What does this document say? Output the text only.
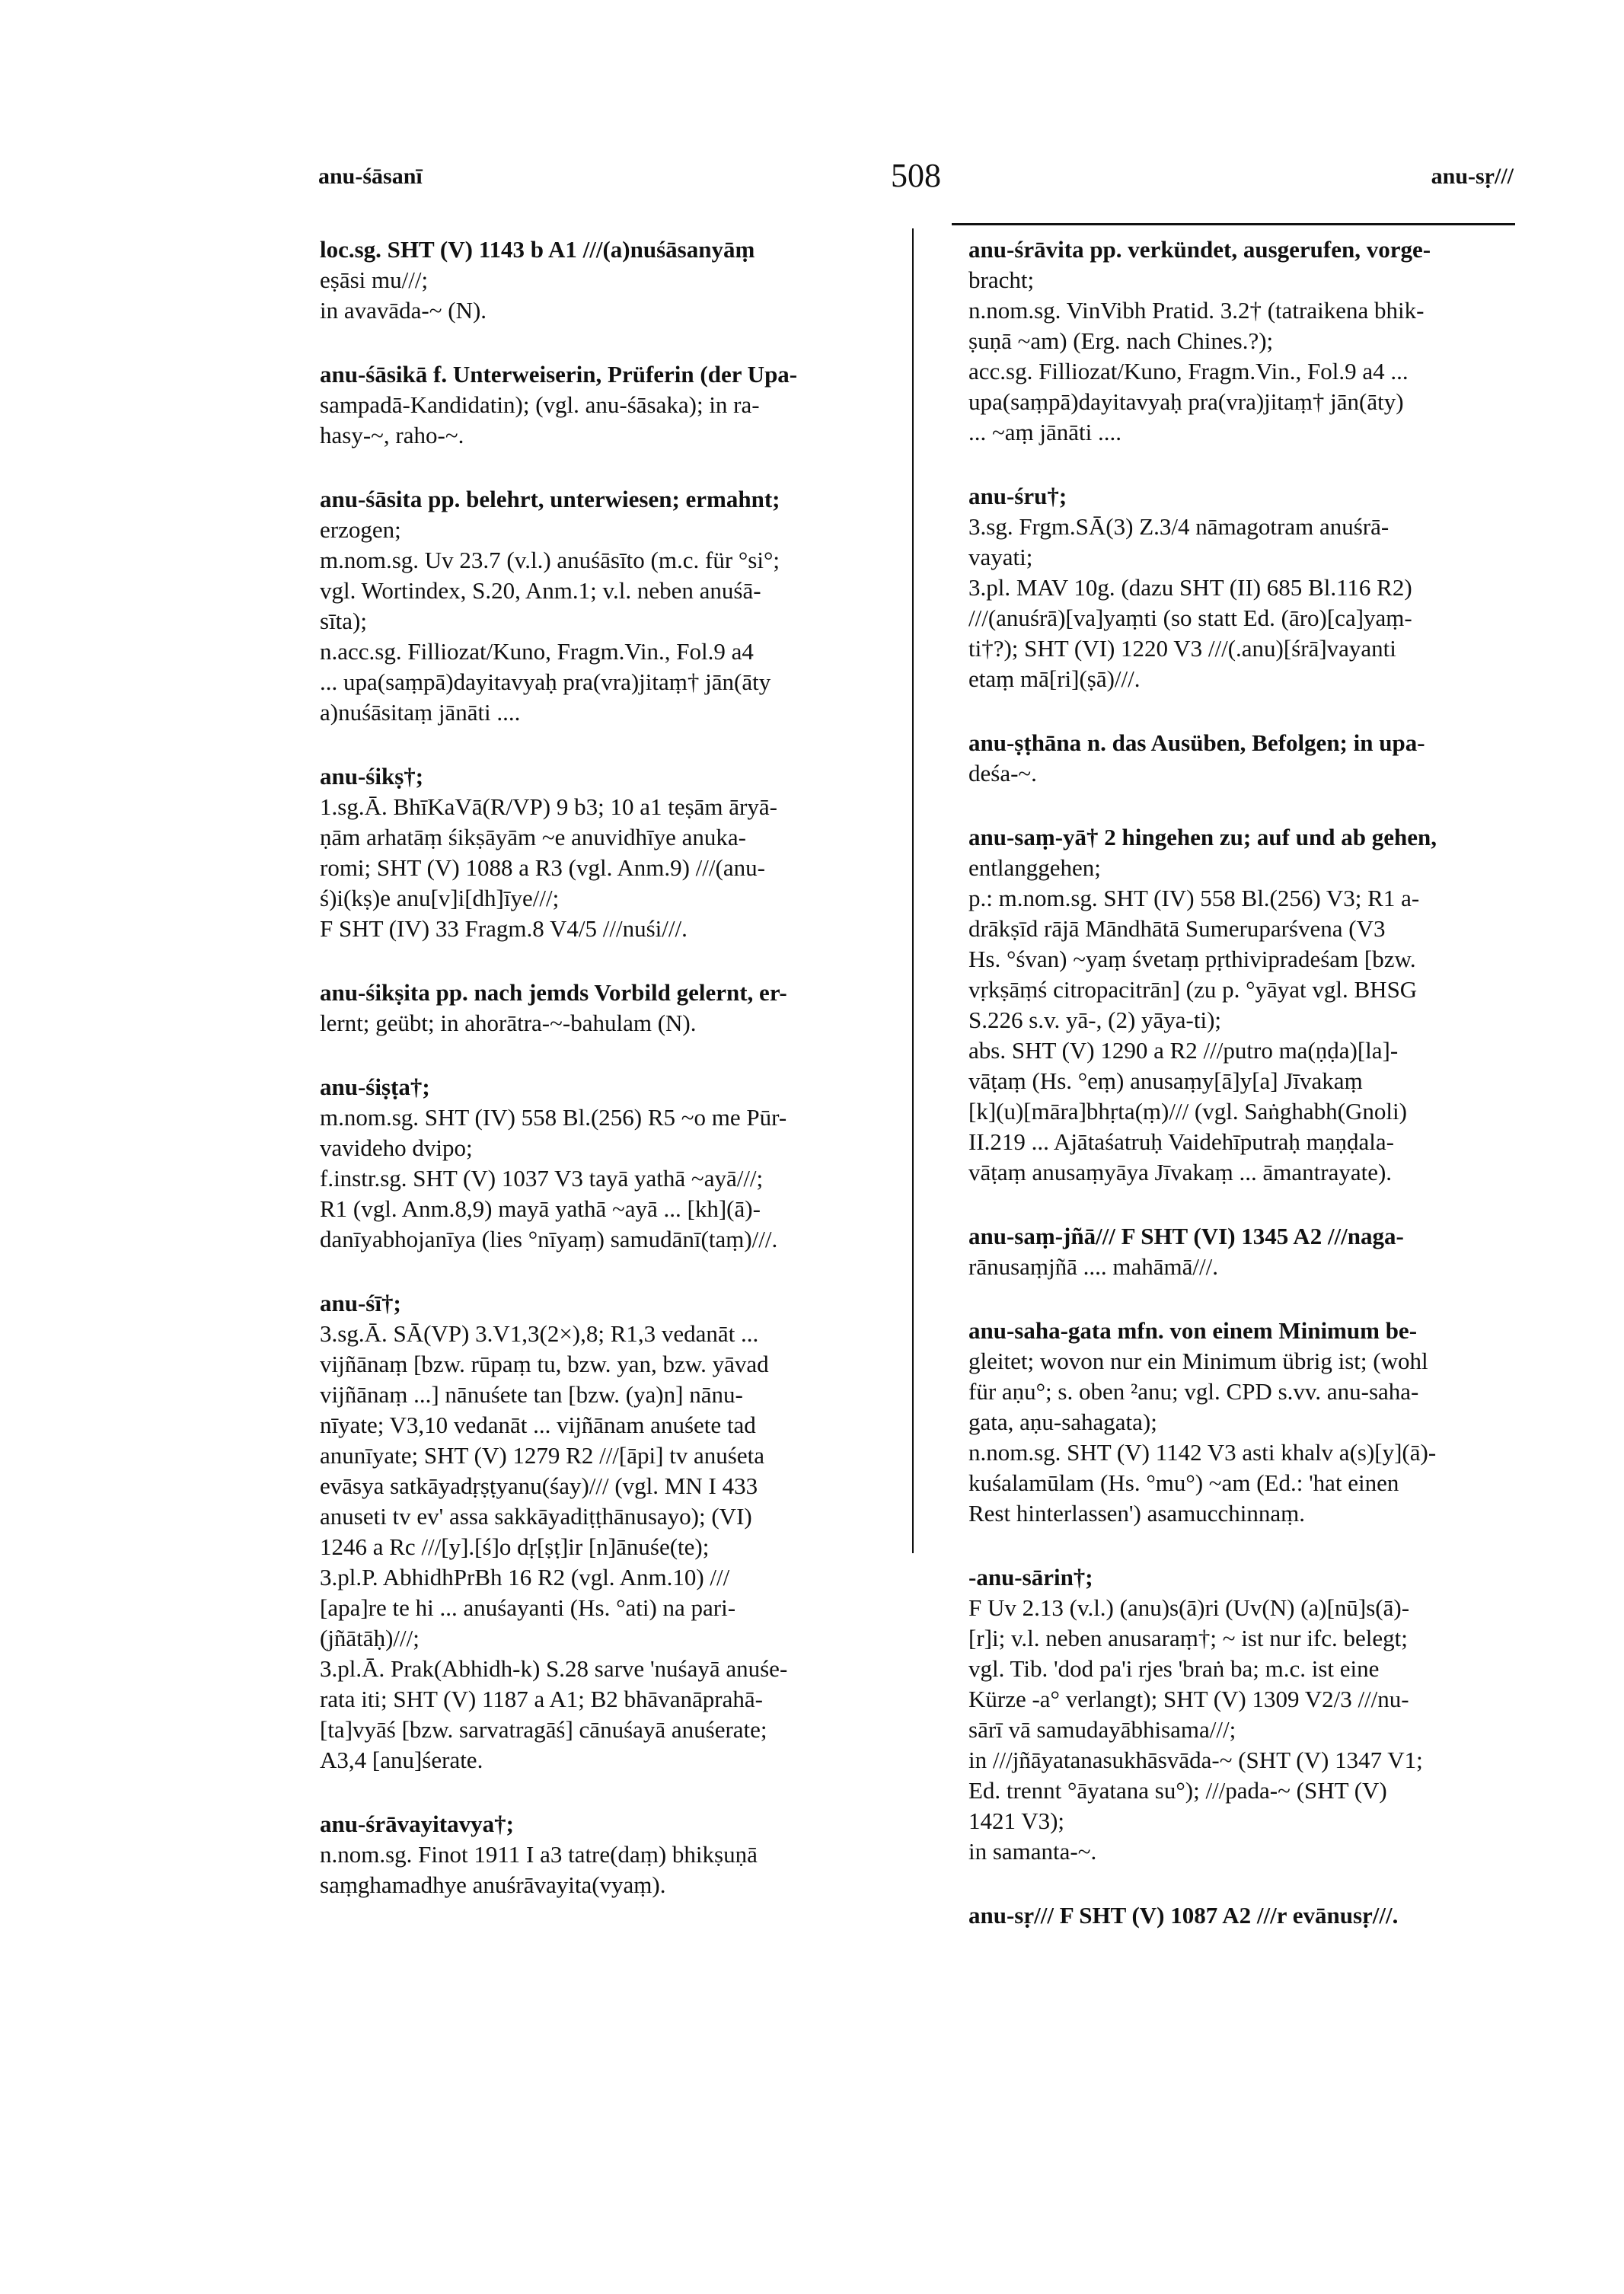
anu-śāsanī	508	anu-sṛ///
loc.sg. SHT (V) 1143 b A1 ///(a)nuśāsanyāṃ
eṣāsi mu///;
in avavāda-~ (N).
anu-śāsikā f. Unterweiserin, Prüferin (der Upa-
sampadā-Kandidatin); (vgl. anu-śāsaka); in ra-
hasy-~, raho-~.
anu-śāsita pp. belehrt, unterwiesen; ermahnt;
erzogen;
m.nom.sg. Uv 23.7 (v.l.) anuśāsīto (m.c. für °si°;
vgl. Wortindex, S.20, Anm.1; v.l. neben anuśā-
sīta);
n.acc.sg. Filliozat/Kuno, Fragm.Vin., Fol.9 a4
... upa(saṃpā)dayitavyaḥ pra(vra)jitaṃ† jān(āty
a)nuśāsitaṃ jānāti ....
anu-śikṣ†;
1.sg.Ā. BhīKaVā(R/VP) 9 b3; 10 a1 teṣām āryā-
ṇām arhatāṃ śikṣāyām ~e anuvidhīye anuka-
romi; SHT (V) 1088 a R3 (vgl. Anm.9) ///(anu-
ś)i(kṣ)e anu[v]i[dh]īye///;
F SHT (IV) 33 Fragm.8 V4/5 ///nuśi///.
anu-śikṣita pp. nach jemds Vorbild gelernt, er-
lernt; geübt; in ahorātra-~-bahulam (N).
anu-śiṣṭa†;
m.nom.sg. SHT (IV) 558 Bl.(256) R5 ~o me Pūr-
vavideho dvipo;
f.instr.sg. SHT (V) 1037 V3 tayā yathā ~ayā///;
R1 (vgl. Anm.8,9) mayā yathā ~ayā ... [kh](ā)-
danīyabhojanīya (lies °nīyaṃ) samudānī(taṃ)///.
anu-śī†;
3.sg.Ā. SĀ(VP) 3.V1,3(2×),8; R1,3 vedanāt ...
vijñānaṃ [bzw. rūpaṃ tu, bzw. yan, bzw. yāvad
vijñānaṃ ...] nānuśete tan [bzw. (ya)n] nānu-
nīyate; V3,10 vedanāt ... vijñānam anuśete tad
anunīyate; SHT (V) 1279 R2 ///[āpi] tv anuśeta
evāsya satkāyadṛṣṭyanu(śay)/// (vgl. MN I 433
anuseti tv ev' assa sakkāyadiṭṭhānusayo); (VI)
1246 a Rc ///[y].[ś]o dṛ[ṣṭ]ir [n]ānuśe(te);
3.pl.P. AbhidhPrBh 16 R2 (vgl. Anm.10) ///
[apa]re te hi ... anuśayanti (Hs. °ati) na pari-
(jñātāḥ)///;
3.pl.Ā. Prak(Abhidh-k) S.28 sarve 'nuśayā anuśe-
rata iti; SHT (V) 1187 a A1; B2 bhāvanāprahā-
[ta]vyāś [bzw. sarvatragāś] cānuśayā anuśerate;
A3,4 [anu]śerate.
anu-śrāvayitavya†;
n.nom.sg. Finot 1911 I a3 tatre(daṃ) bhikṣuṇā
saṃghamadhye anuśrāvayita(vyaṃ).
anu-śrāvita pp. verkündet, ausgerufen, vorge-
bracht;
n.nom.sg. VinVibh Pratid. 3.2† (tatraikena bhik-
ṣuṇā ~am) (Erg. nach Chines.?);
acc.sg. Filliozat/Kuno, Fragm.Vin., Fol.9 a4 ...
upa(saṃpā)dayitavyaḥ pra(vra)jitaṃ† jān(āty)
... ~aṃ jānāti ....
anu-śru†;
3.sg. Frgm.SĀ(3) Z.3/4 nāmagotram anuśrā-
vayati;
3.pl. MAV 10g. (dazu SHT (II) 685 Bl.116 R2)
///(anuśrā)[va]yaṃti (so statt Ed. (āro)[ca]yaṃ-
ti†?); SHT (VI) 1220 V3 ///(.anu)[śrā]vayanti
etaṃ mā[ri](ṣā)///.
anu-ṣṭhāna n. das Ausüben, Befolgen; in upa-
deśa-~.
anu-saṃ-yā† 2 hingehen zu; auf und ab gehen,
entlanggehen;
p.: m.nom.sg. SHT (IV) 558 Bl.(256) V3; R1 a-
drākṣīd rājā Māndhātā Sumeruparśvena (V3
Hs. °śvan) ~yaṃ śvetaṃ pṛthivipradeśam [bzw.
vṛkṣāṃś citropacitrān] (zu p. °yāyat vgl. BHSG
S.226 s.v. yā-, (2) yāya-ti);
abs. SHT (V) 1290 a R2 ///putro ma(ṇḍa)[la]-
vāṭaṃ (Hs. °eṃ) anusaṃy[ā]y[a] Jīvakaṃ
[k](u)[māra]bhṛta(ṃ)/// (vgl. Saṅghabh(Gnoli)
II.219 ... Ajātaśatruḥ Vaidehīputraḥ maṇḍala-
vāṭaṃ anusaṃyāya Jīvakaṃ ... āmantrayate).
anu-saṃ-jñā/// F SHT (VI) 1345 A2 ///naga-
rānusaṃjñā .... mahāmā///.
anu-saha-gata mfn. von einem Minimum be-
gleitet; wovon nur ein Minimum übrig ist; (wohl
für aṇu°; s. oben ²anu; vgl. CPD s.vv. anu-saha-
gata, aṇu-sahagata);
n.nom.sg. SHT (V) 1142 V3 asti khalv a(s)[y](ā)-
kuśalamūlam (Hs. °mu°) ~am (Ed.: 'hat einen
Rest hinterlassen') asamucchinnaṃ.
-anu-sārin†;
F Uv 2.13 (v.l.) (anu)s(ā)ri (Uv(N) (a)[nū]s(ā)-
[r]i; v.l. neben anusaraṃ†; ~ ist nur ifc. belegt;
vgl. Tib. 'dod pa'i rjes 'braṅ ba; m.c. ist eine
Kürze -a° verlangt); SHT (V) 1309 V2/3 ///nu-
sārī vā samudayābhisama///;
in ///jñāyatanasukhāsvāda-~ (SHT (V) 1347 V1;
Ed. trennt °āyatana su°); ///pada-~ (SHT (V)
1421 V3);
in samanta-~.
anu-sṛ/// F SHT (V) 1087 A2 ///r evānusṛ///.
